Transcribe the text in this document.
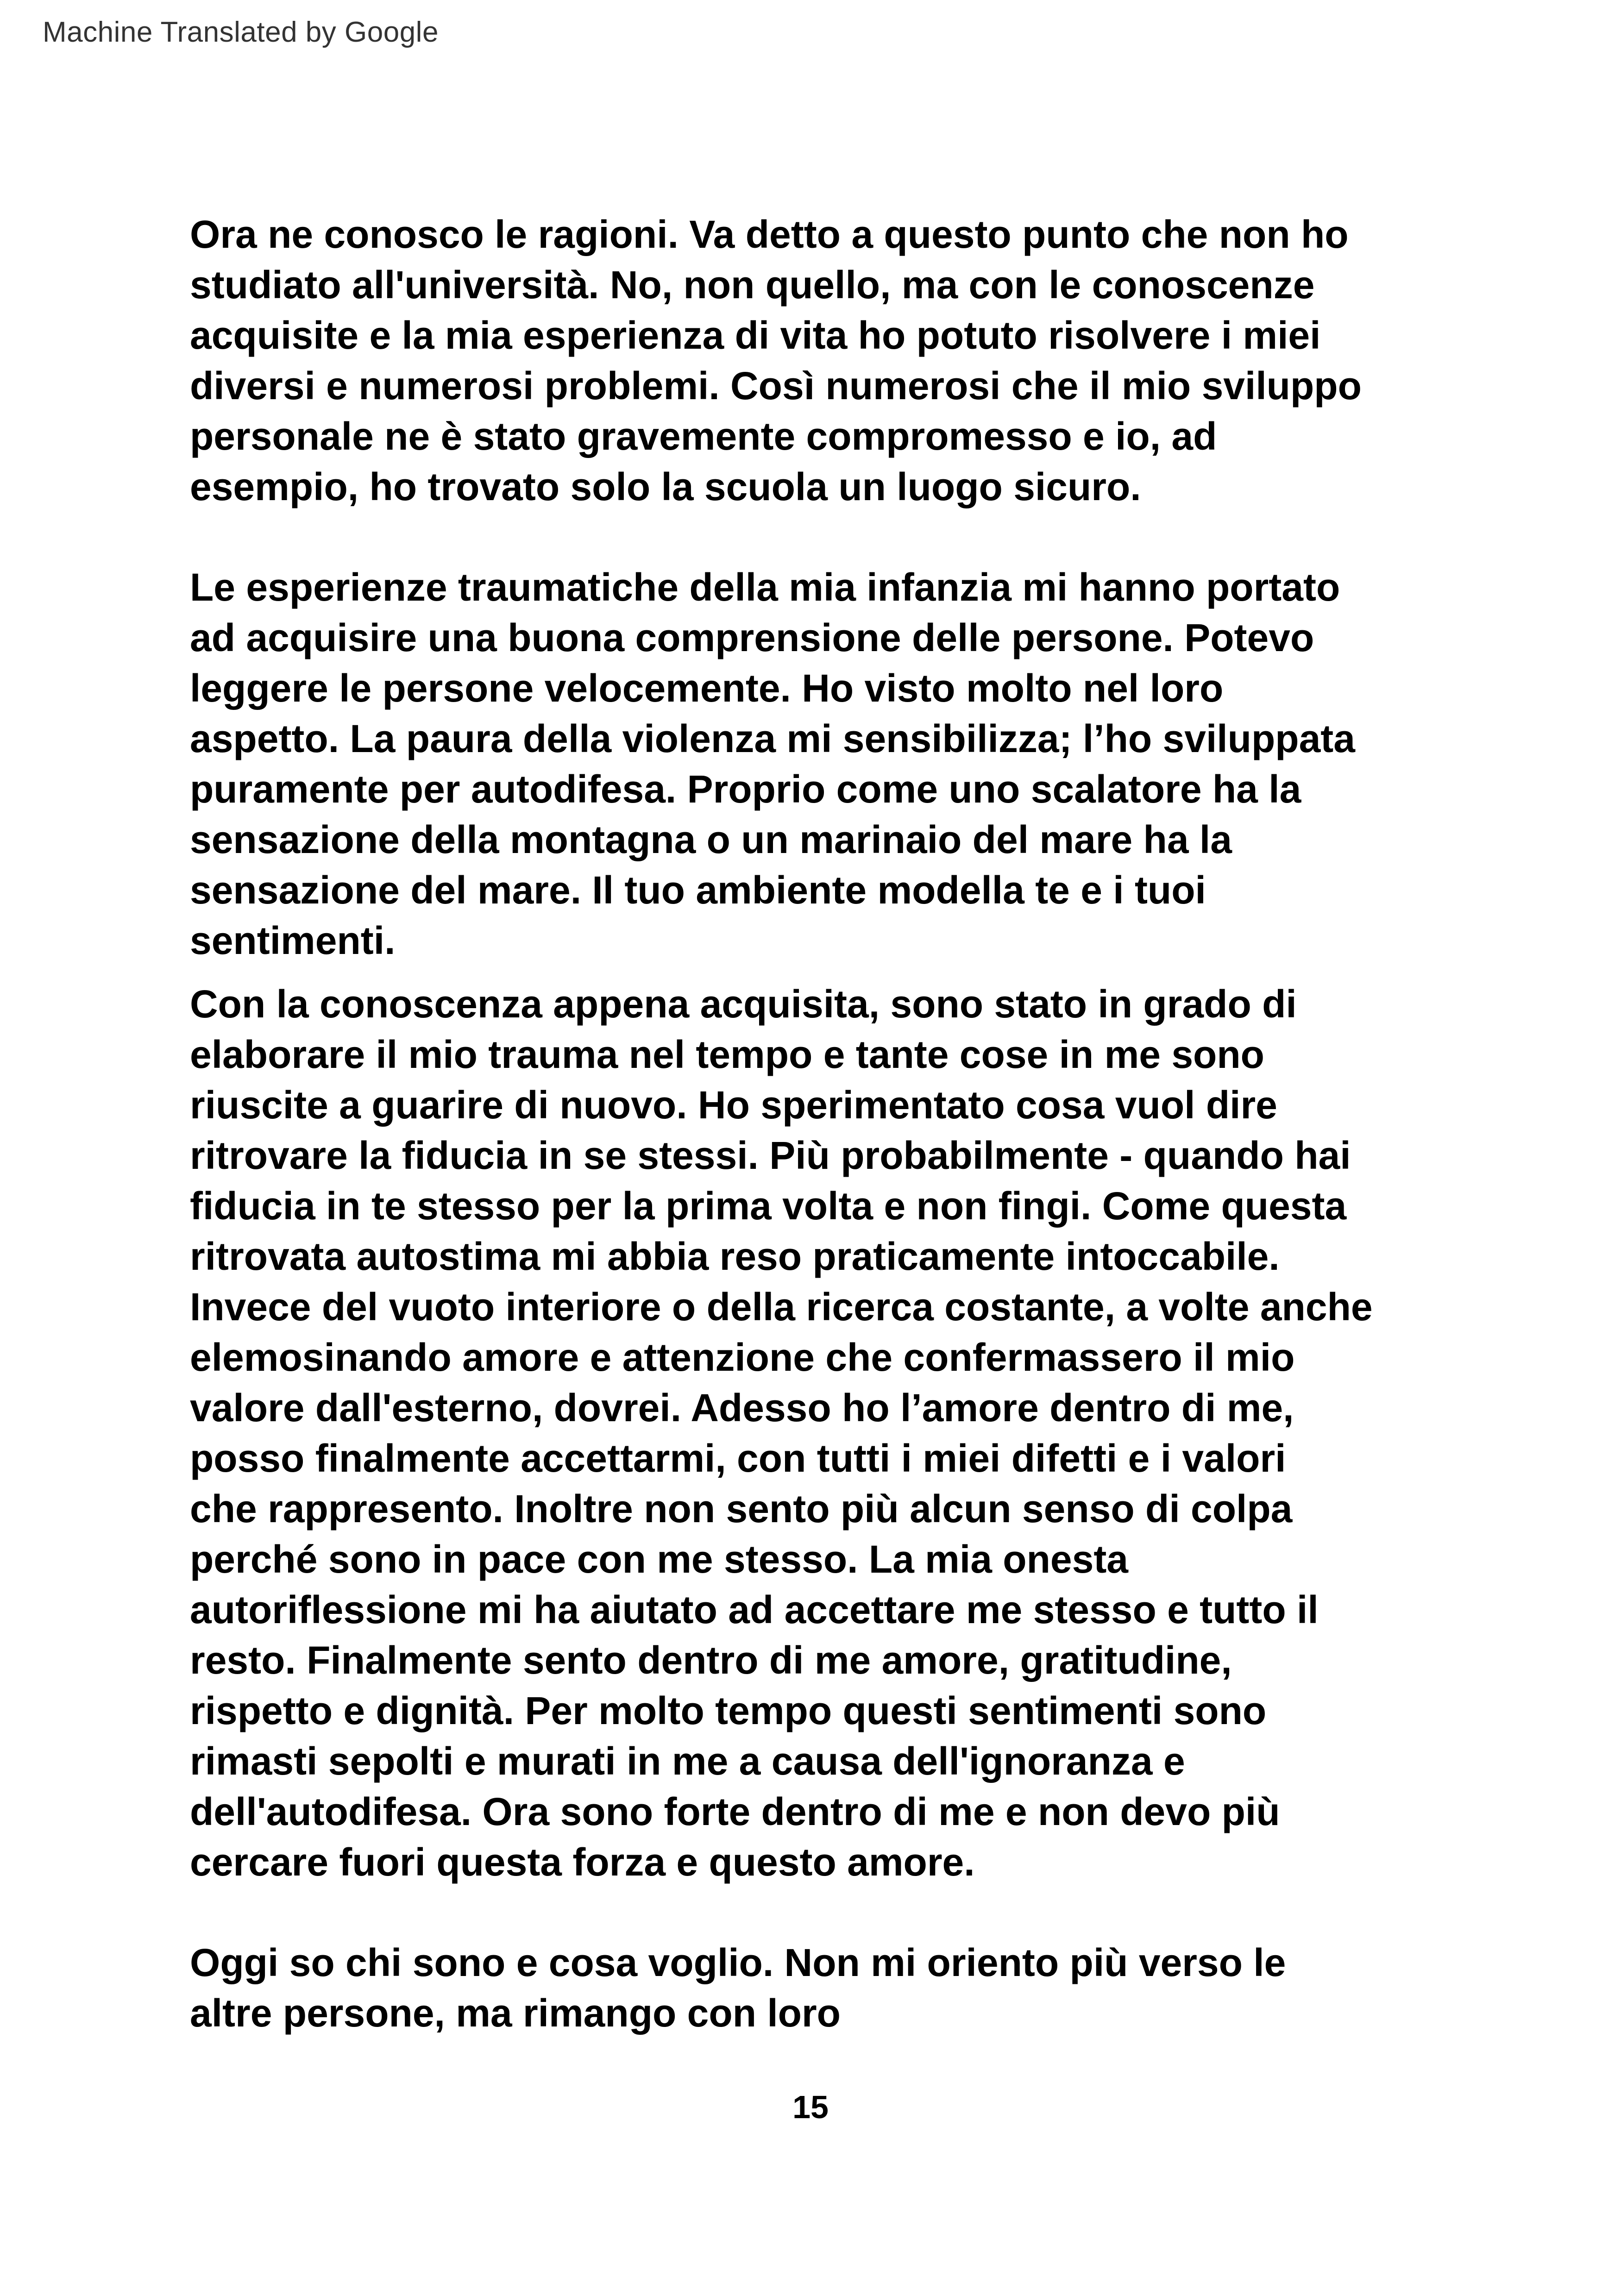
Machine Translated by Google
Ora ne conosco le ragioni. Va detto a questo punto che non ho
studiato all'università. No, non quello, ma con le conoscenze
acquisite e la mia esperienza di vita ho potuto risolvere i miei
diversi e numerosi problemi. Così numerosi che il mio sviluppo
personale ne è stato gravemente compromesso e io, ad
esempio, ho trovato solo la scuola un luogo sicuro.
Le esperienze traumatiche della mia infanzia mi hanno portato
ad acquisire una buona comprensione delle persone. Potevo
leggere le persone velocemente. Ho visto molto nel loro
aspetto. La paura della violenza mi sensibilizza; l’ho sviluppata
puramente per autodifesa. Proprio come uno scalatore ha la
sensazione della montagna o un marinaio del mare ha la
sensazione del mare. Il tuo ambiente modella te e i tuoi
sentimenti.
Con la conoscenza appena acquisita, sono stato in grado di
elaborare il mio trauma nel tempo e tante cose in me sono
riuscite a guarire di nuovo. Ho sperimentato cosa vuol dire
ritrovare la fiducia in se stessi. Più probabilmente - quando hai
fiducia in te stesso per la prima volta e non fingi. Come questa
ritrovata autostima mi abbia reso praticamente intoccabile.
Invece del vuoto interiore o della ricerca costante, a volte anche
elemosinando amore e attenzione che confermassero il mio
valore dall'esterno, dovrei. Adesso ho l’amore dentro di me,
posso finalmente accettarmi, con tutti i miei difetti e i valori
che rappresento. Inoltre non sento più alcun senso di colpa
perché sono in pace con me stesso. La mia onesta
autoriflessione mi ha aiutato ad accettare me stesso e tutto il
resto. Finalmente sento dentro di me amore, gratitudine,
rispetto e dignità. Per molto tempo questi sentimenti sono
rimasti sepolti e murati in me a causa dell'ignoranza e
dell'autodifesa. Ora sono forte dentro di me e non devo più
cercare fuori questa forza e questo amore.
Oggi so chi sono e cosa voglio. Non mi oriento più verso le
altre persone, ma rimango con loro
15
